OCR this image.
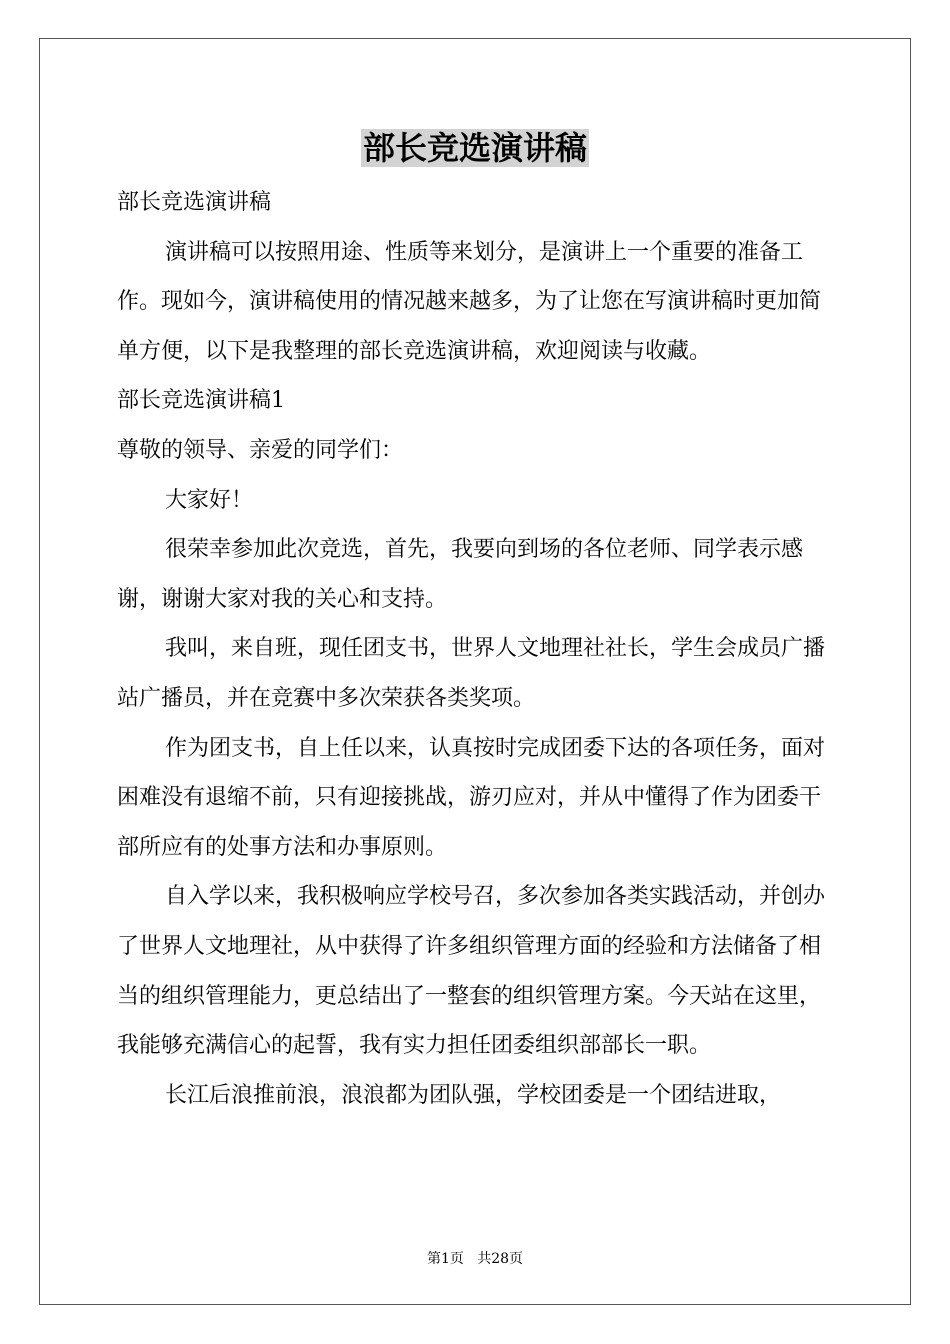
部长竞选演讲稿

部长竞选演讲稿

演讲稿可以按照用途、性质等来划分，是演讲上一个重要的准备工作。现如今，演讲稿使用的情况越来越多，为了让您在写演讲稿时更加简单方便，以下是我整理的部长竞选演讲稿，欢迎阅读与收藏。

部长竞选演讲稿1

尊敬的领导、亲爱的同学们：

大家好！

很荣幸参加此次竞选，首先，我要向到场的各位老师、同学表示感谢，谢谢大家对我的关心和支持。

我叫，来自班，现任团支书，世界人文地理社社长，学生会成员广播站广播员，并在竞赛中多次荣获各类奖项。

作为团支书，自上任以来，认真按时完成团委下达的各项任务，面对困难没有退缩不前，只有迎接挑战，游刃应对，并从中懂得了作为团委干部所应有的处事方法和办事原则。

自入学以来，我积极响应学校号召，多次参加各类实践活动，并创办了世界人文地理社，从中获得了许多组织管理方面的经验和方法储备了相当的组织管理能力，更总结出了一整套的组织管理方案。今天站在这里，我能够充满信心的起誓，我有实力担任团委组织部部长一职。

长江后浪推前浪，浪浪都为团队强，学校团委是一个团结进取，

第1页   共28页
